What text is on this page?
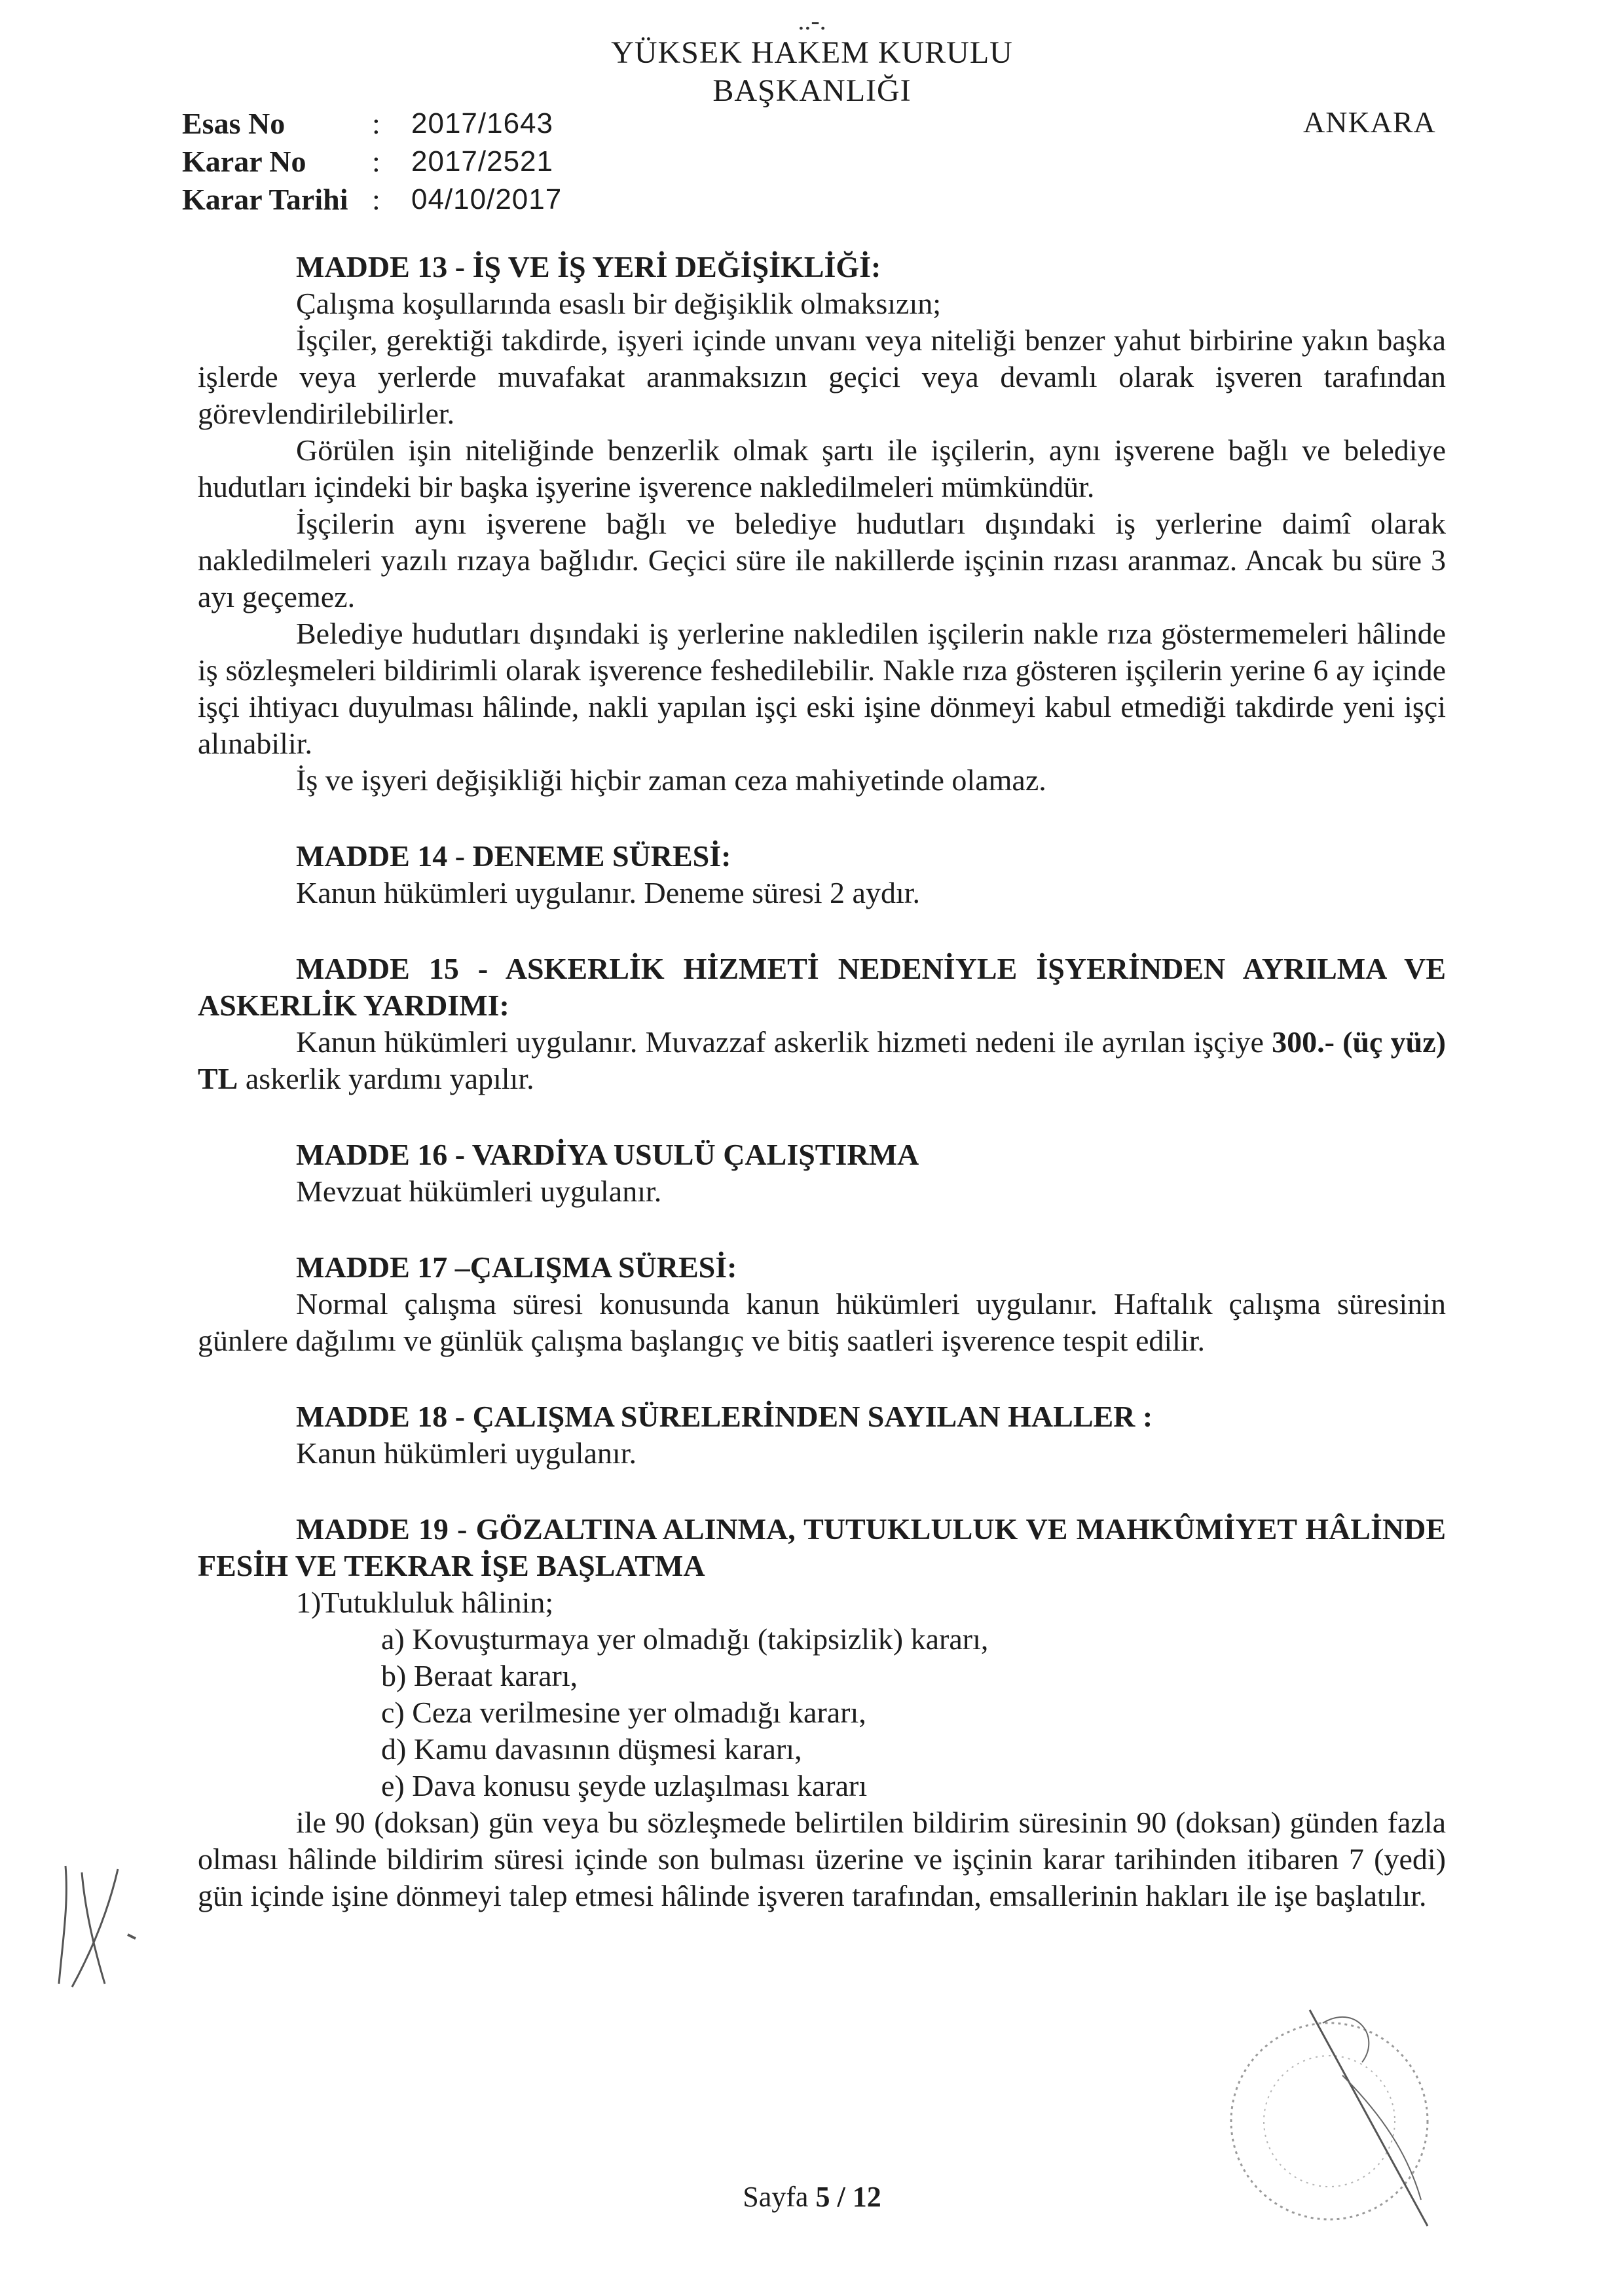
..-.
YÜKSEK HAKEM KURULU
BAŞKANLIĞI
ANKARA
Esas No	:	2017/1643
Karar No	:	2017/2521
Karar Tarihi :	04/10/2017
MADDE 13 - İŞ VE İŞ YERİ DEĞİŞİKLİĞİ:

Çalışma koşullarında esaslı bir değişiklik olmaksızın;

İşçiler, gerektiği takdirde, işyeri içinde unvanı veya niteliği benzer yahut birbirine yakın başka işlerde veya yerlerde muvafakat aranmaksızın geçici veya devamlı olarak işveren tarafından görevlendirilebilirler.

Görülen işin niteliğinde benzerlik olmak şartı ile işçilerin, aynı işverene bağlı ve belediye hudutları içindeki bir başka işyerine işverence nakledilmeleri mümkündür.

İşçilerin aynı işverene bağlı ve belediye hudutları dışındaki iş yerlerine daimî olarak nakledilmeleri yazılı rızaya bağlıdır. Geçici süre ile nakillerde işçinin rızası aranmaz. Ancak bu süre 3 ayı geçemez.

Belediye hudutları dışındaki iş yerlerine nakledilen işçilerin nakle rıza göstermemeleri hâlinde iş sözleşmeleri bildirimli olarak işverence feshedilebilir. Nakle rıza gösteren işçilerin yerine 6 ay içinde işçi ihtiyacı duyulması hâlinde, nakli yapılan işçi eski işine dönmeyi kabul etmediği takdirde yeni işçi alınabilir.

İş ve işyeri değişikliği hiçbir zaman ceza mahiyetinde olamaz.

MADDE 14 - DENEME SÜRESİ:

Kanun hükümleri uygulanır. Deneme süresi 2 aydır.

MADDE 15 - ASKERLİK HİZMETİ NEDENİYLE İŞYERİNDEN AYRILMA VE ASKERLİK YARDIMI:

Kanun hükümleri uygulanır. Muvazzaf askerlik hizmeti nedeni ile ayrılan işçiye 300.- (üç yüz) TL askerlik yardımı yapılır.

MADDE 16 - VARDİYA USULÜ ÇALIŞTIRMA

Mevzuat hükümleri uygulanır.

MADDE 17 –ÇALIŞMA SÜRESİ:

Normal çalışma süresi konusunda kanun hükümleri uygulanır. Haftalık çalışma süresinin günlere dağılımı ve günlük çalışma başlangıç ve bitiş saatleri işverence tespit edilir.

MADDE 18 - ÇALIŞMA SÜRELERİNDEN SAYILAN HALLER :

Kanun hükümleri uygulanır.

MADDE 19 - GÖZALTINA ALINMA, TUTUKLULUK VE MAHKÛMİYET HÂLİNDE FESİH VE TEKRAR İŞE BAŞLATMA

1)Tutukluluk hâlinin;

a) Kovuşturmaya yer olmadığı (takipsizlik) kararı,
b) Beraat kararı,
c) Ceza verilmesine yer olmadığı kararı,
d) Kamu davasının düşmesi kararı,
e) Dava konusu şeyde uzlaşılması kararı

ile 90 (doksan) gün veya bu sözleşmede belirtilen bildirim süresinin 90 (doksan) günden fazla olması hâlinde bildirim süresi içinde son bulması üzerine ve işçinin karar tarihinden itibaren 7 (yedi) gün içinde işine dönmeyi talep etmesi hâlinde işveren tarafından, emsallerinin hakları ile işe başlatılır.

Sayfa 5 / 12
